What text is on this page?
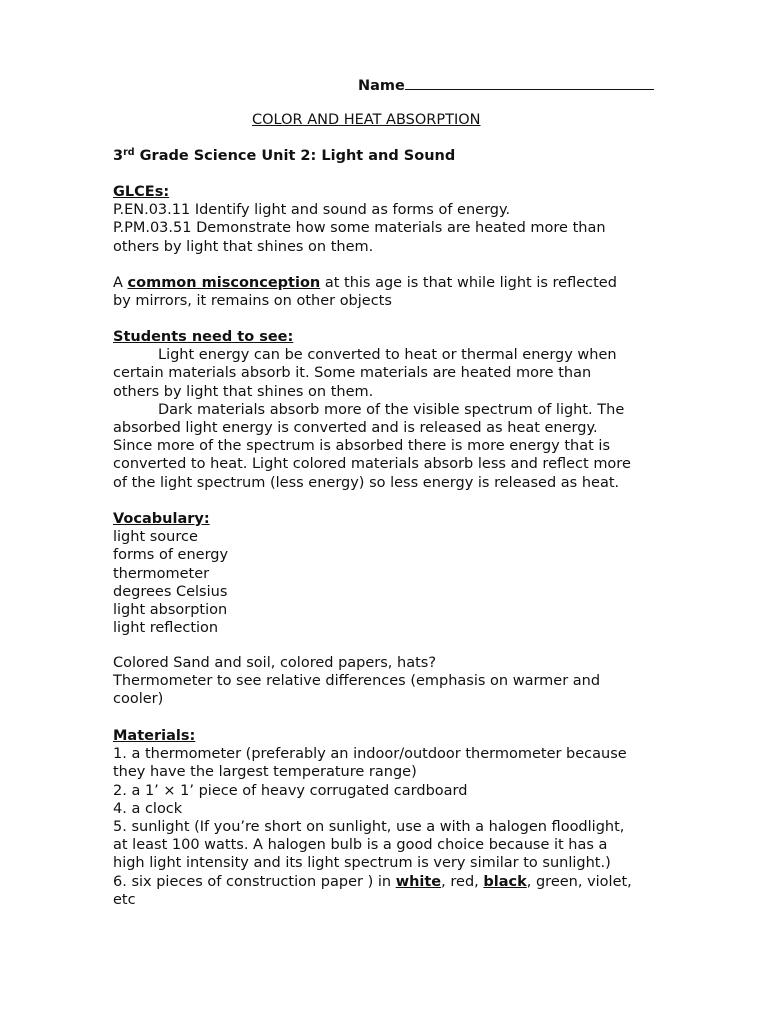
Name
COLOR AND HEAT ABSORPTION
3rd Grade Science Unit 2: Light and Sound
GLCEs:
P.EN.03.11 Identify light and sound as forms of energy.
P.PM.03.51 Demonstrate how some materials are heated more than
others by light that shines on them.
A common misconception at this age is that while light is reflected
by mirrors, it remains on other objects
Students need to see:
Light energy can be converted to heat or thermal energy when
certain materials absorb it. Some materials are heated more than
others by light that shines on them.
Dark materials absorb more of the visible spectrum of light. The
absorbed light energy is converted and is released as heat energy.
Since more of the spectrum is absorbed there is more energy that is
converted to heat. Light colored materials absorb less and reflect more
of the light spectrum (less energy) so less energy is released as heat.
Vocabulary:
light source
forms of energy
thermometer
degrees Celsius
light absorption
light reflection
Colored Sand and soil, colored papers, hats?
Thermometer to see relative differences (emphasis on warmer and
cooler)
Materials:
1. a thermometer (preferably an indoor/outdoor thermometer because
they have the largest temperature range)
2. a 1’ × 1’ piece of heavy corrugated cardboard
4. a clock
5. sunlight (If you’re short on sunlight, use a with a halogen floodlight,
at least 100 watts. A halogen bulb is a good choice because it has a
high light intensity and its light spectrum is very similar to sunlight.)
6. six pieces of construction paper ) in white, red, black, green, violet,
etc
